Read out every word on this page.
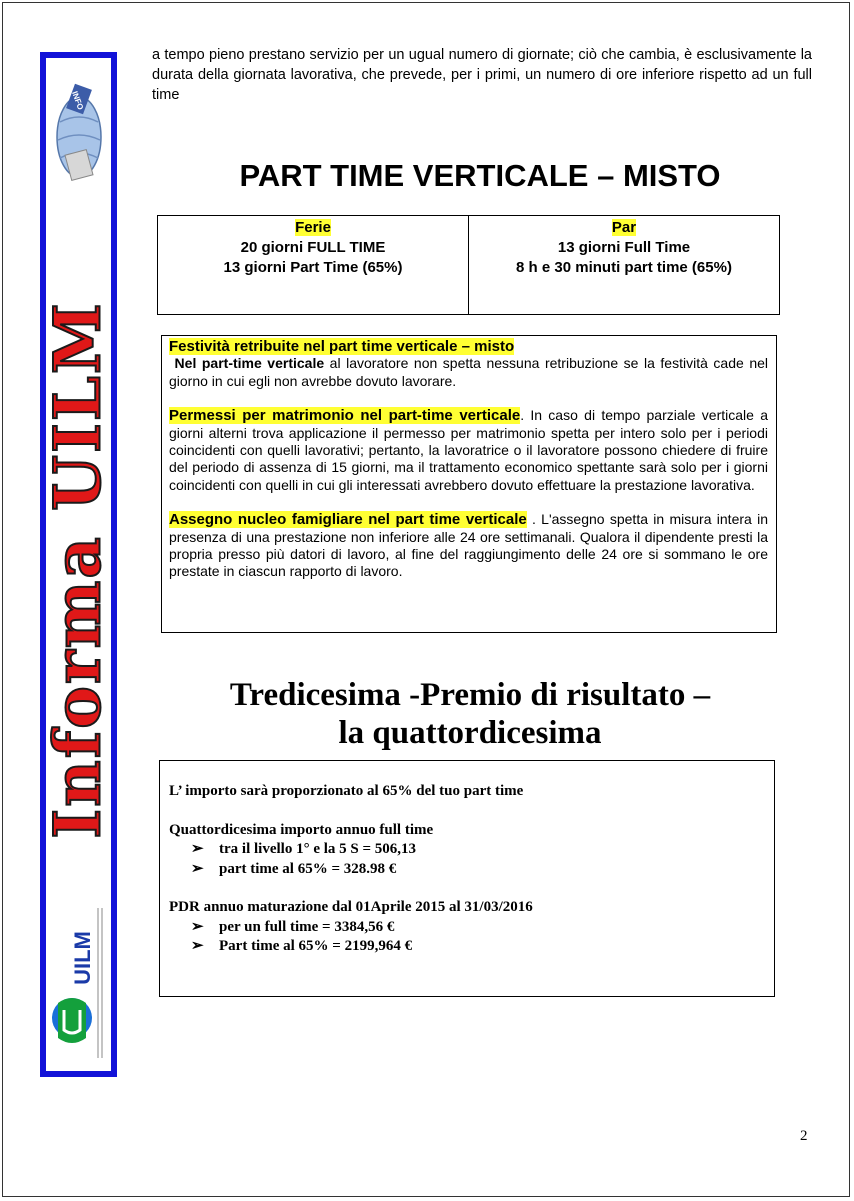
INFO
Informa UILM
UILM
a tempo pieno prestano servizio per un ugual numero di giornate; ciò che cambia, è esclusivamente la durata della giornata lavorativa, che prevede, per i primi, un numero di ore inferiore rispetto ad un full time
PART TIME VERTICALE – MISTO
Ferie
20 giorni FULL TIME
13 giorni Part Time (65%)
Par
13 giorni Full Time
8 h e 30 minuti part time (65%)

Festività retribuite nel part time verticale – misto
Nel part-time verticale al lavoratore non spetta nessuna retribuzione se la festività cade nel giorno in cui egli non avrebbe dovuto lavorare.

Permessi per matrimonio nel part-time verticale. In caso di tempo parziale verticale a giorni alterni trova applicazione il permesso per matrimonio spetta per intero solo per i periodi coincidenti con quelli lavorativi; pertanto, la lavoratrice o il lavoratore possono chiedere di fruire del periodo di assenza di 15 giorni, ma il trattamento economico spettante sarà solo per i giorni coincidenti con quelli in cui gli interessati avrebbero dovuto effettuare la prestazione lavorativa.

Assegno nucleo famigliare nel part time verticale . L'assegno spetta in misura intera in presenza di una prestazione non inferiore alle 24 ore settimanali. Qualora il dipendente presti la propria presso più datori di lavoro, al fine del raggiungimento delle 24 ore si sommano le ore prestate in ciascun rapporto di lavoro.

Tredicesima -Premio di risultato –
la quattordicesima
L’ importo sarà proporzionato al 65% del tuo part time
Quattordicesima importo annuo full time
➢ tra il livello 1° e la 5 S = 506,13
➢ part time al 65% = 328.98 €
PDR annuo maturazione dal 01Aprile 2015 al 31/03/2016
➢ per un full time = 3384,56 €
➢ Part time al 65% = 2199,964 €
2
